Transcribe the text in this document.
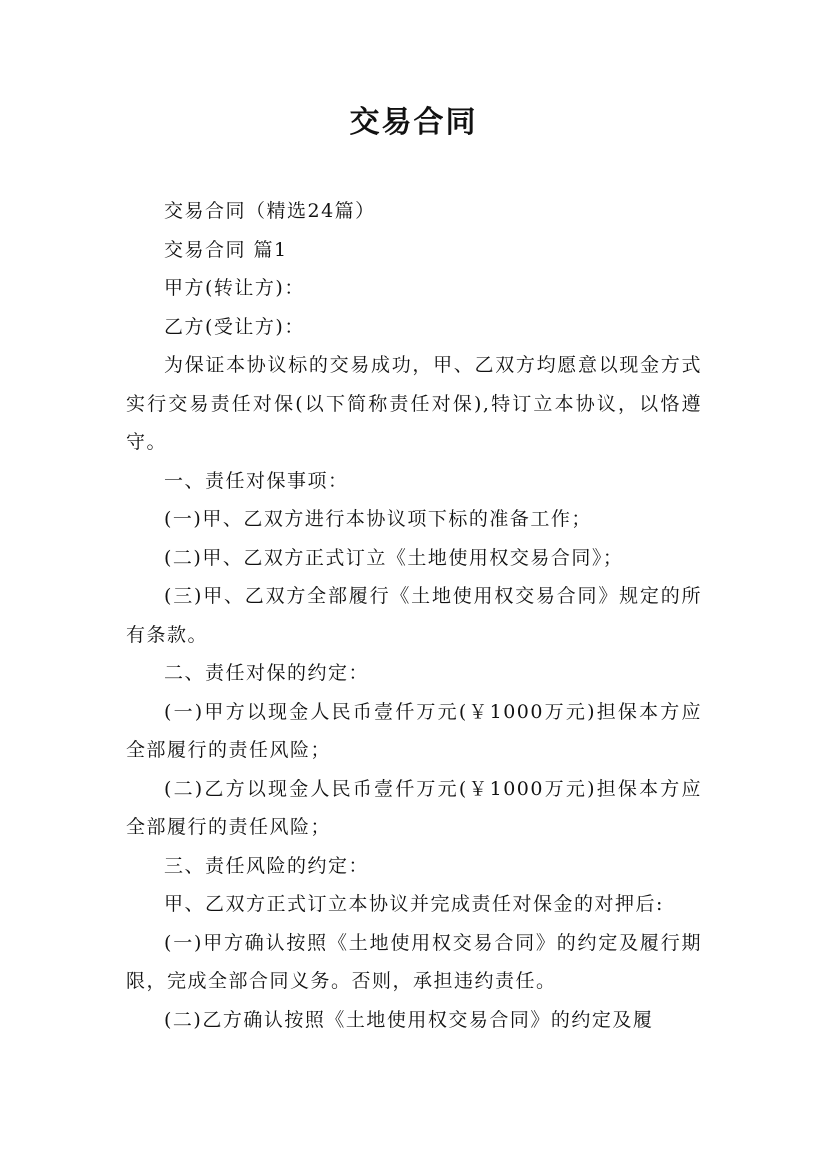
交易合同

交易合同（精选24篇）

交易合同 篇1

甲方(转让方)：

乙方(受让方)：

为保证本协议标的交易成功，甲、乙双方均愿意以现金方式实行交易责任对保(以下简称责任对保),特订立本协议，以恪遵守。

一、责任对保事项：

(一)甲、乙双方进行本协议项下标的准备工作；

(二)甲、乙双方正式订立《土地使用权交易合同》；

(三)甲、乙双方全部履行《土地使用权交易合同》规定的所有条款。

二、责任对保的约定：

(一)甲方以现金人民币壹仟万元(￥1000万元)担保本方应全部履行的责任风险；

(二)乙方以现金人民币壹仟万元(￥1000万元)担保本方应全部履行的责任风险；

三、责任风险的约定：

甲、乙双方正式订立本协议并完成责任对保金的对押后:

(一)甲方确认按照《土地使用权交易合同》的约定及履行期限，完成全部合同义务。否则，承担违约责任。

(二)乙方确认按照《土地使用权交易合同》的约定及履
